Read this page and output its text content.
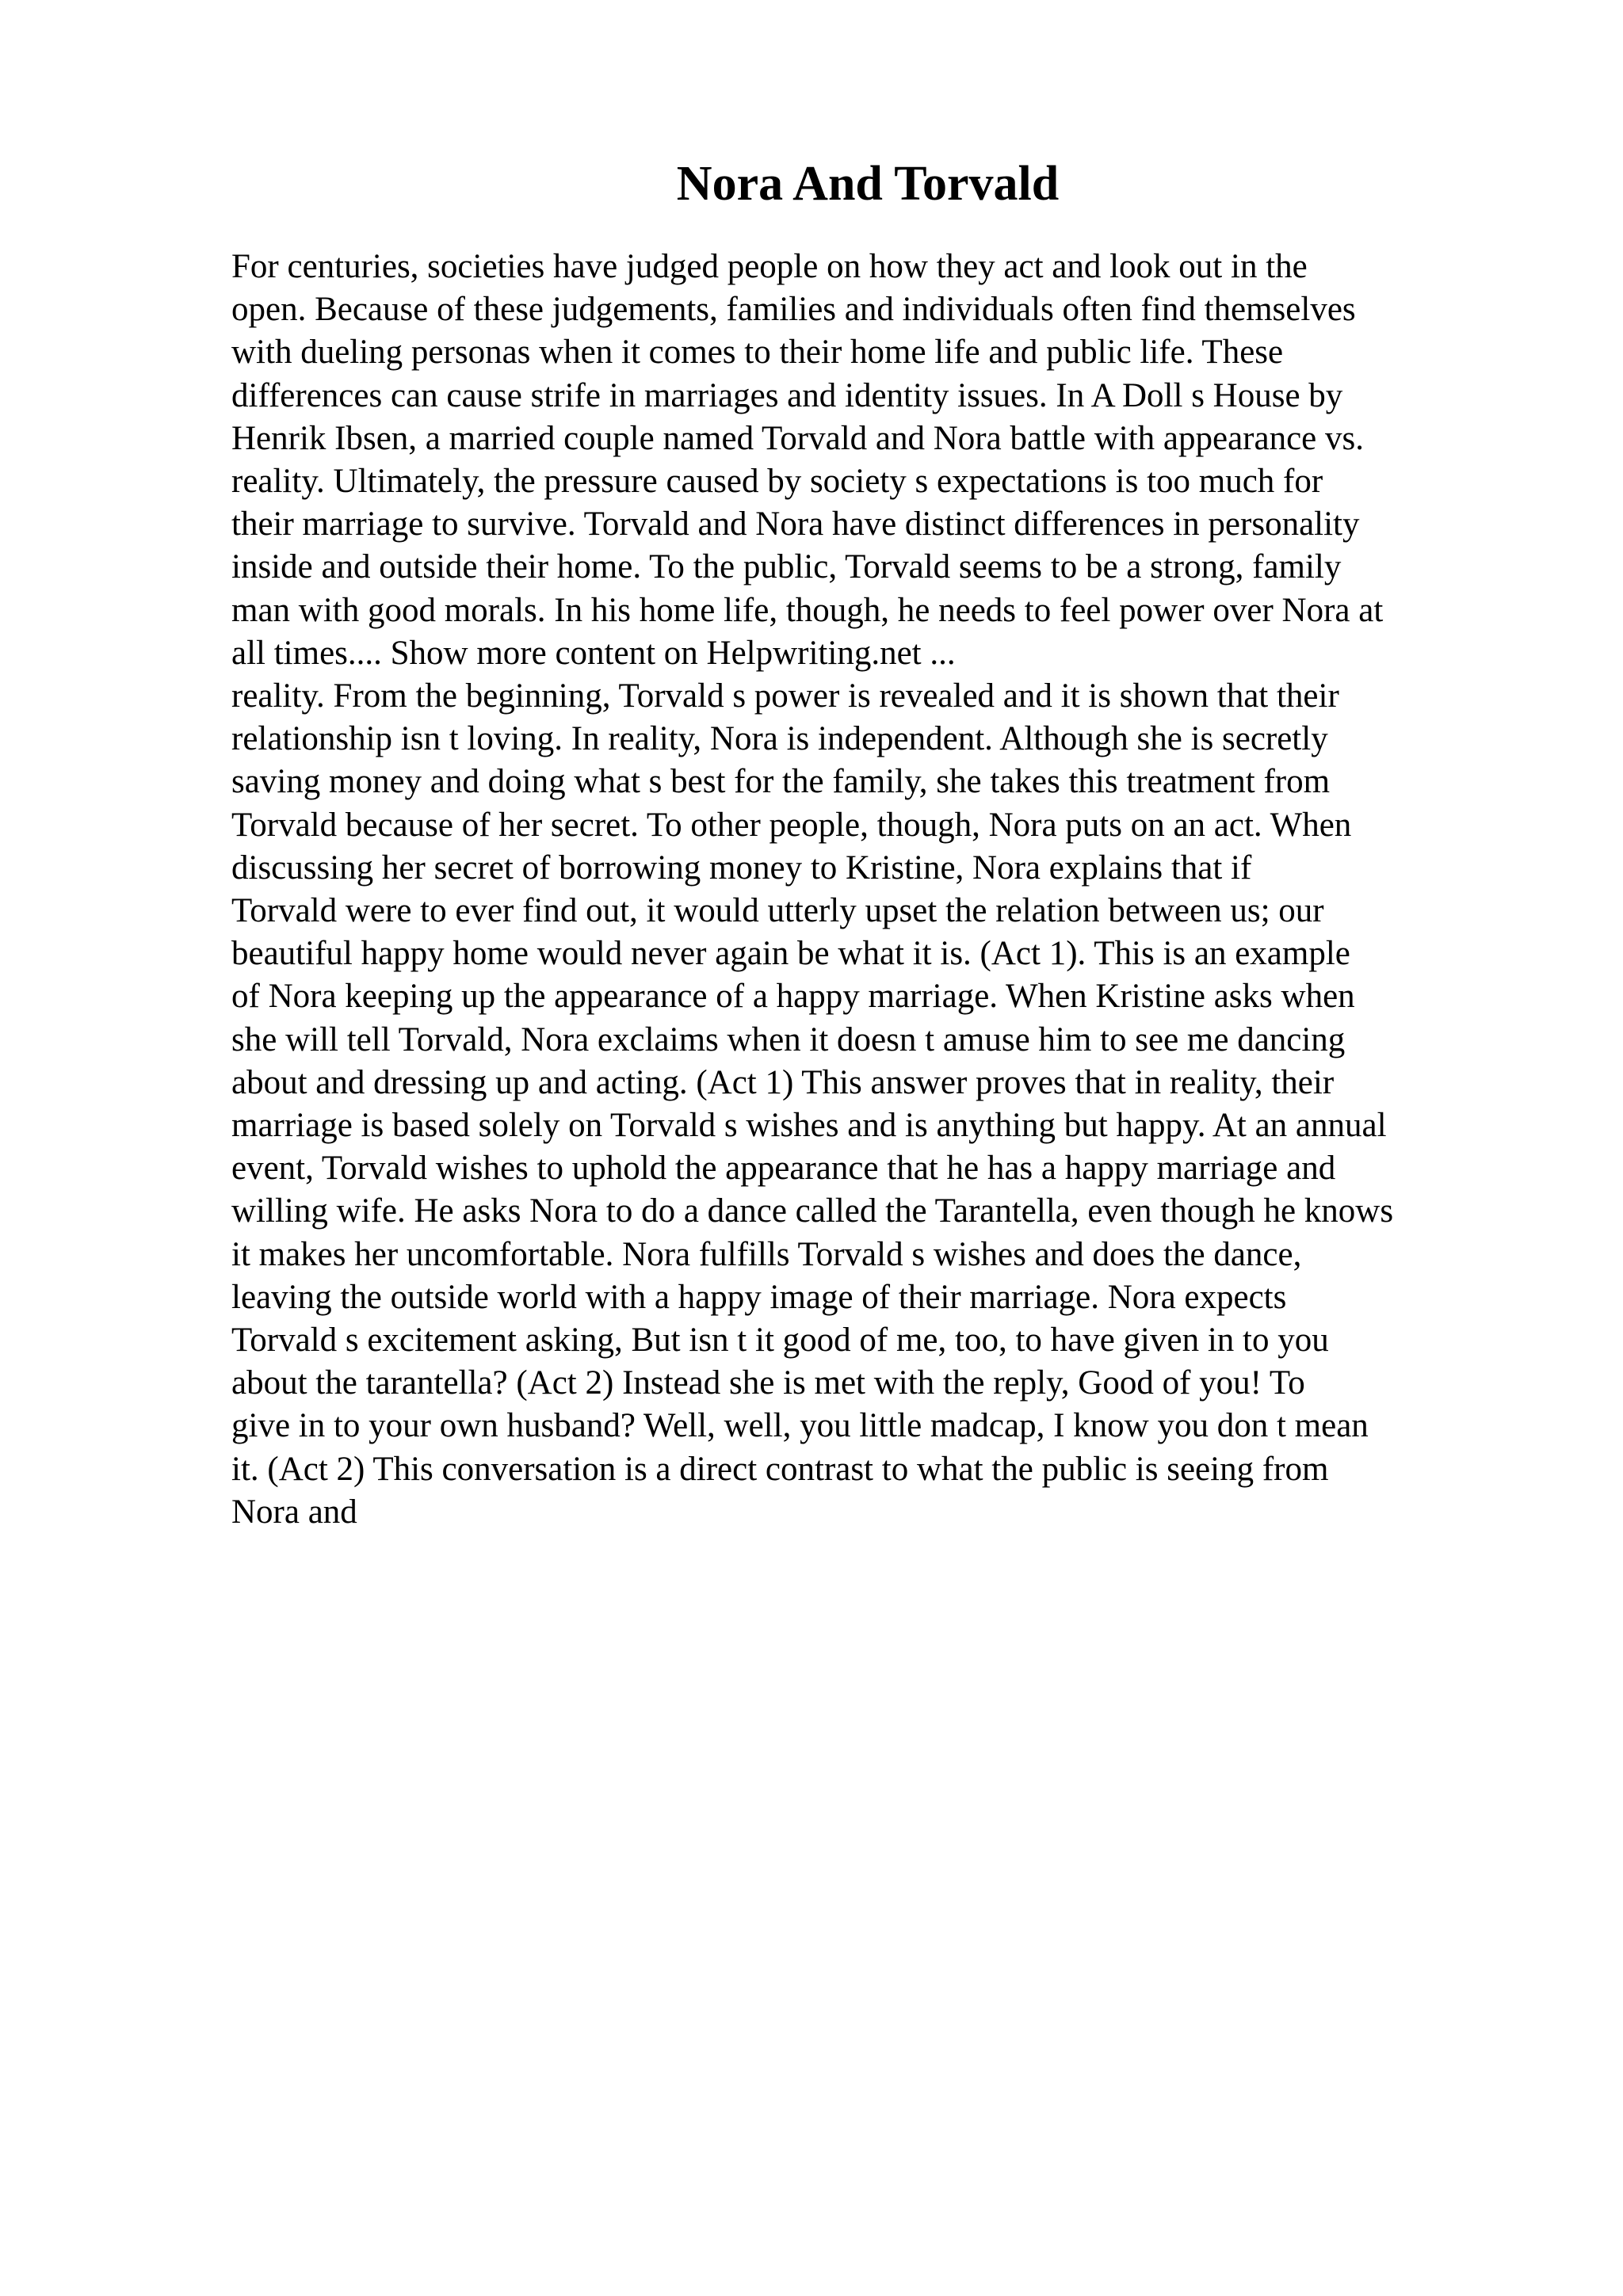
Nora And Torvald
For centuries, societies have judged people on how they act and look out in the
open. Because of these judgements, families and individuals often find themselves
with dueling personas when it comes to their home life and public life. These
differences can cause strife in marriages and identity issues. In A Doll s House by
Henrik Ibsen, a married couple named Torvald and Nora battle with appearance vs.
reality. Ultimately, the pressure caused by society s expectations is too much for
their marriage to survive. Torvald and Nora have distinct differences in personality
inside and outside their home. To the public, Torvald seems to be a strong, family
man with good morals. In his home life, though, he needs to feel power over Nora at
all times.... Show more content on Helpwriting.net ...
reality. From the beginning, Torvald s power is revealed and it is shown that their
relationship isn t loving. In reality, Nora is independent. Although she is secretly
saving money and doing what s best for the family, she takes this treatment from
Torvald because of her secret. To other people, though, Nora puts on an act. When
discussing her secret of borrowing money to Kristine, Nora explains that if
Torvald were to ever find out, it would utterly upset the relation between us; our
beautiful happy home would never again be what it is. (Act 1). This is an example
of Nora keeping up the appearance of a happy marriage. When Kristine asks when
she will tell Torvald, Nora exclaims when it doesn t amuse him to see me dancing
about and dressing up and acting. (Act 1) This answer proves that in reality, their
marriage is based solely on Torvald s wishes and is anything but happy. At an annual
event, Torvald wishes to uphold the appearance that he has a happy marriage and
willing wife. He asks Nora to do a dance called the Tarantella, even though he knows
it makes her uncomfortable. Nora fulfills Torvald s wishes and does the dance,
leaving the outside world with a happy image of their marriage. Nora expects
Torvald s excitement asking, But isn t it good of me, too, to have given in to you
about the tarantella? (Act 2) Instead she is met with the reply, Good of you! To
give in to your own husband? Well, well, you little madcap, I know you don t mean
it. (Act 2) This conversation is a direct contrast to what the public is seeing from
Nora and
